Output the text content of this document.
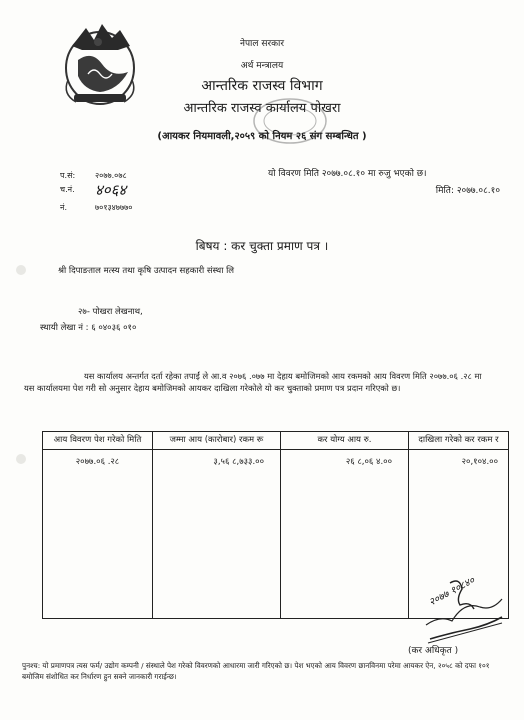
नेपाल सरकार
अर्थ मन्त्रालय
आन्तरिक राजस्व विभाग
आन्तरिक राजस्व कार्यालय पोखरा
(आयकर नियमावली,२०५९ को नियम २६ संग सम्बन्धित )
प.सं: २०७७.०७८
च.नं. ४०६४
नं.	७०१३४७७७०
यो विवरण मिति २०७७.०८.१० मा रुजु भएको छ।
मिति: २०७७.०८.१०
बिषय : कर चुक्ता प्रमाण पत्र ।
श्री दिपाङताल मत्स्य तथा कृषि उत्पादन सहकारी संस्था लि
२७- पोखरा लेखनाथ,
स्थायी लेखा नं : ६ ०४०३६ ०१०
यस कार्यालय अन्तर्गत दर्ता रहेका तपाईं ले आ.व २०७६ .०७७ मा देहाय बमोजिमको आय रकमको आय विवरण मिति २०७७.०६ .२८ मा यस कार्यालयमा पेश गरी सो अनुसार देहाय बमोजिमको आयकर दाखिला गरेकोले यो कर चुक्ताको प्रमाण पत्र प्रदान गरिएको छ।
आय विवरण पेश गरेको मिति	जम्मा आय (कारोबार) रकम रू	कर योग्य आय रु.	दाखिला गरेको कर रकम र
२०७७.०६ .२८	३,५६ ८,७३३.००	२६ ८,०६ ४.००	२०,१०४.००
२०७७ १०८४०
(कर अधिकृत )
पुनश्च: यो प्रमाणपत्र त्यस फर्म/ उद्योग कम्पनी / संस्थाले पेश गरेको विवरणको आधारमा जारी गरिएको छ। पेश भएको आय विवरण छानविनमा परेमा आयकर ऐन, २०५८ को दफा १०१ बमोजिम संशोधित कर निर्धारण हुन सक्ने जानकारी गराईन्छ।
